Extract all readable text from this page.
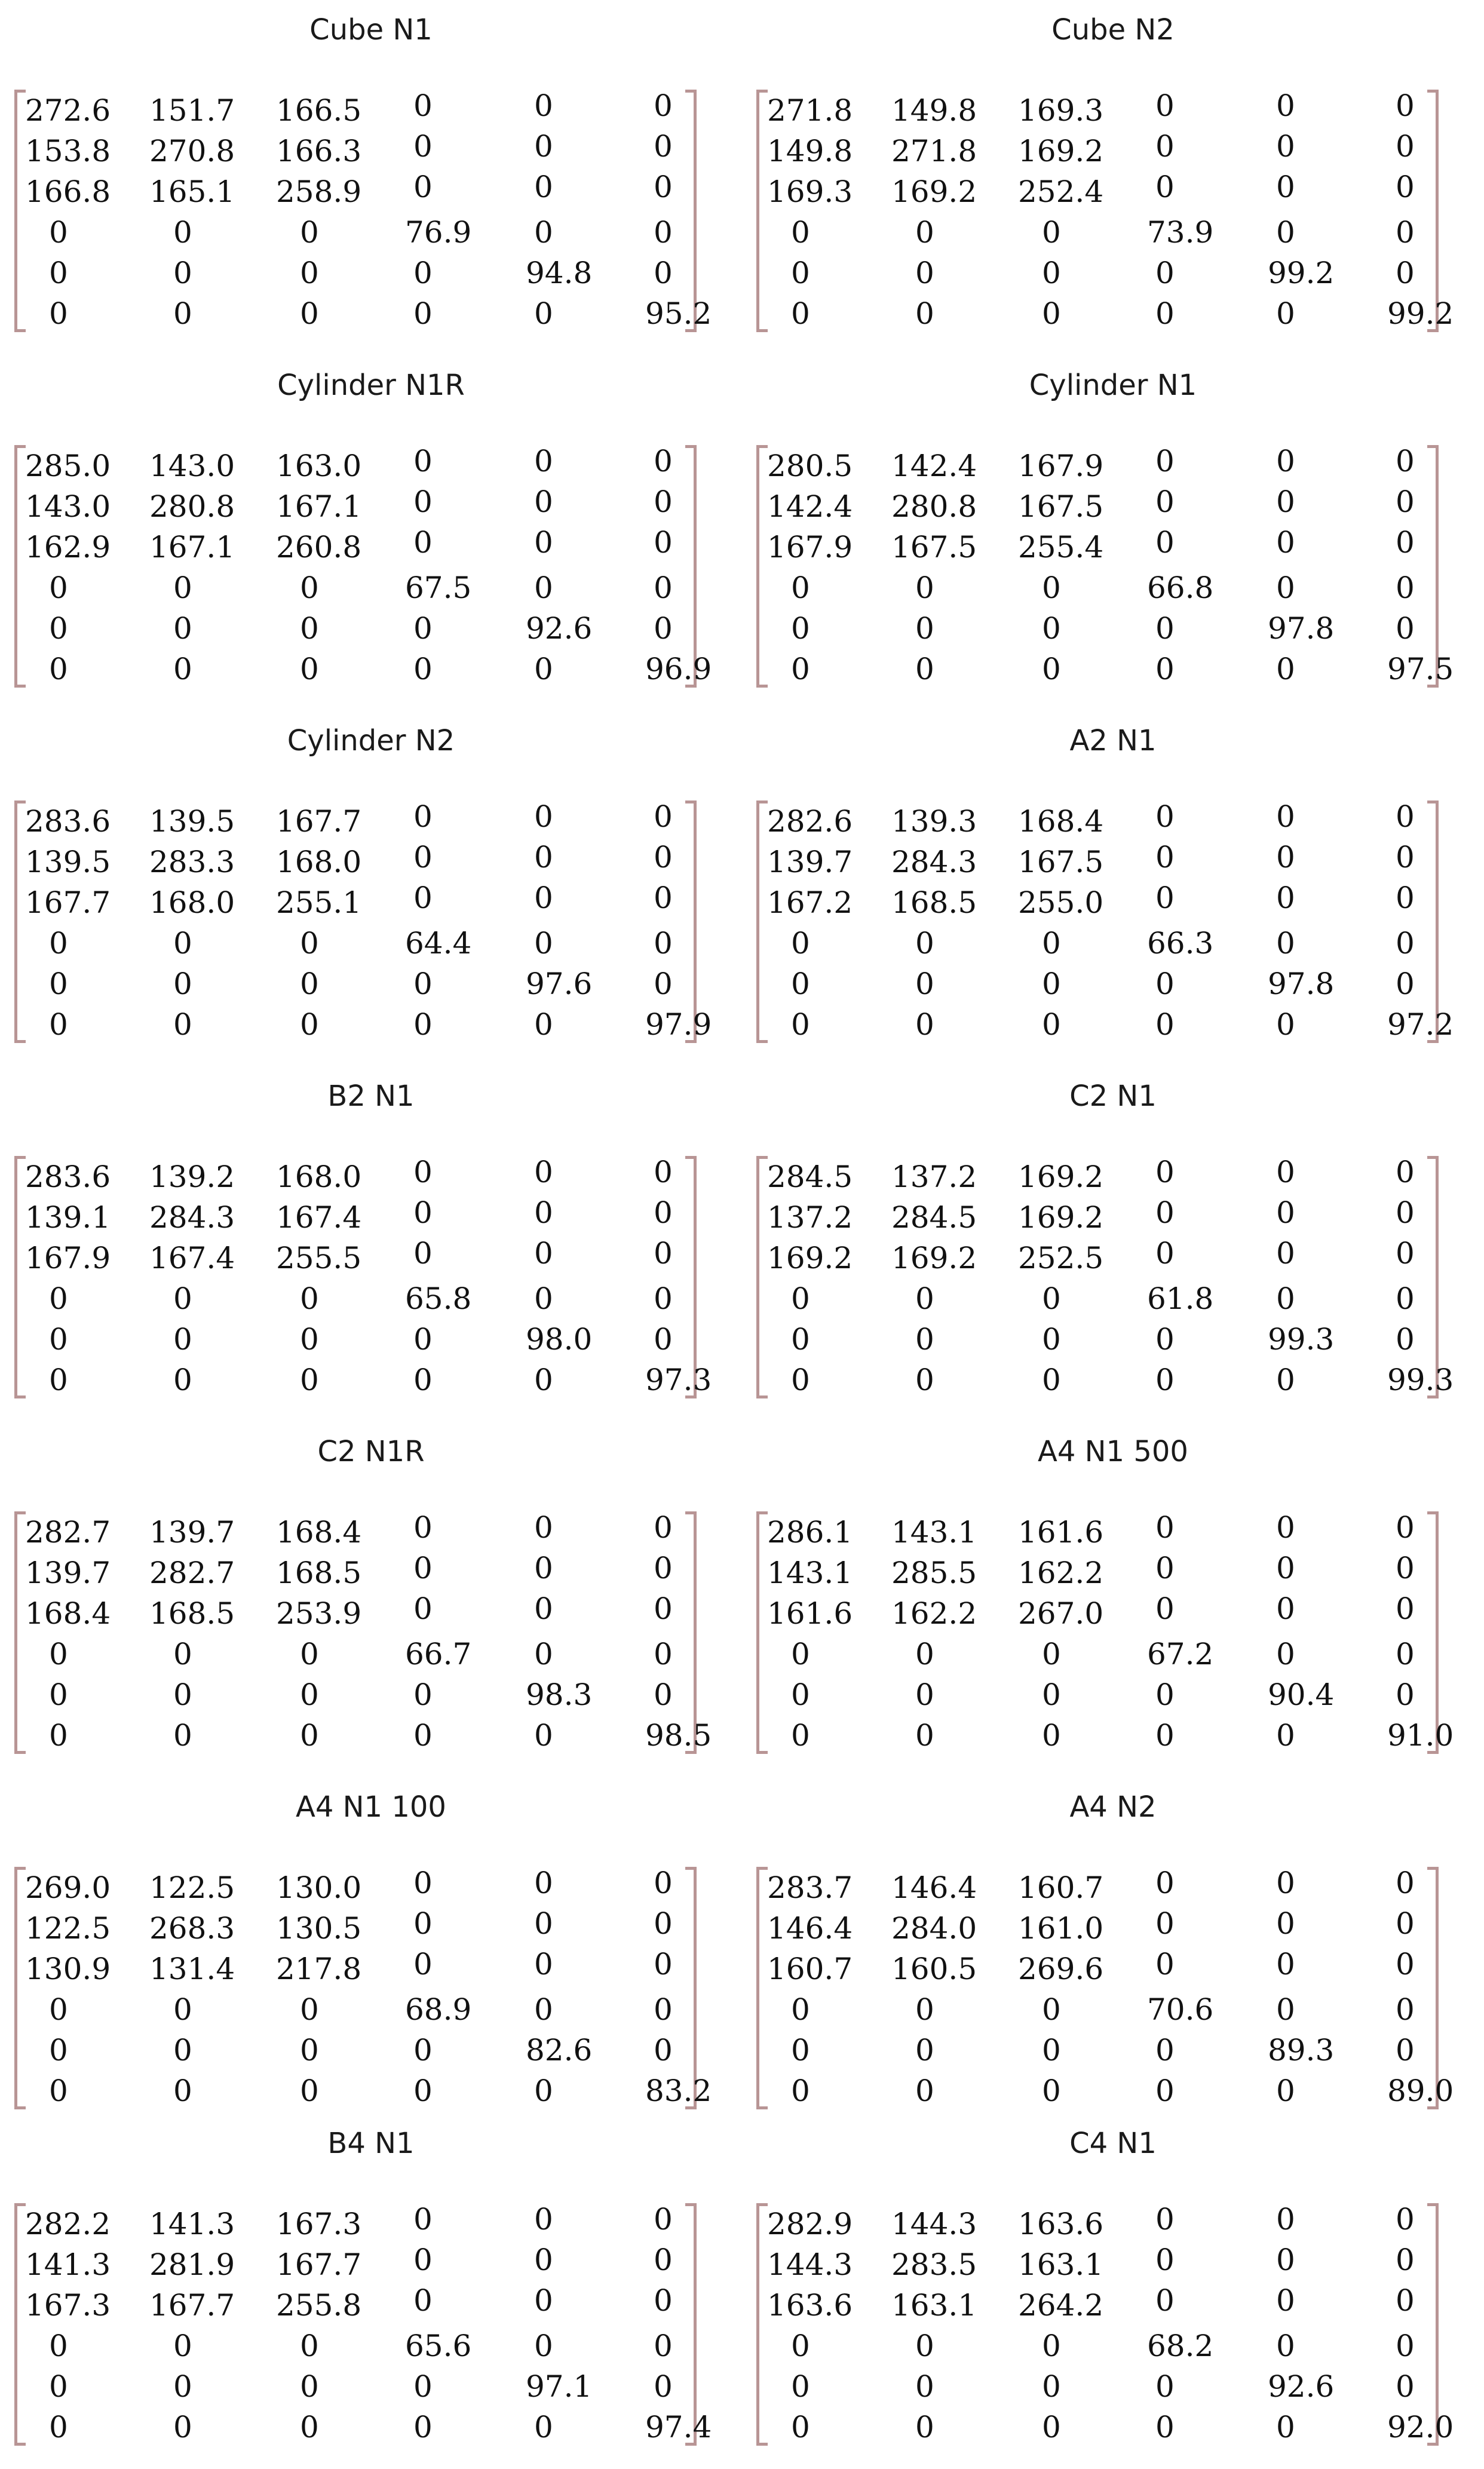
Cube N1
272.6 151.7 166.5 0	0	0
153.8 270.8 166.3 0	0	0
166.8 165.1 258.9 0	0	0
0	0	0	76.9 0	0
0	0	0	0	94.8 0
0	0	0	0	0	95.2
Cube N2
271.8 149.8 169.3 0	0	0
149.8 271.8 169.2 0	0	0
169.3 169.2 252.4 0	0	0
0	0	0	73.9 0	0
0	0	0	0	99.2 0
0	0	0	0	0	99.2
Cylinder N1R
285.0 143.0 163.0 0	0	0
143.0 280.8 167.1 0	0	0
162.9 167.1 260.8 0	0	0
0	0	0	67.5 0	0
0	0	0	0	92.6 0
0	0	0	0	0	96.9
Cylinder N1
280.5 142.4 167.9 0	0	0
142.4 280.8 167.5 0	0	0
167.9 167.5 255.4 0	0	0
0	0	0	66.8 0	0
0	0	0	0	97.8 0
0	0	0	0	0	97.5
Cylinder N2
283.6 139.5 167.7 0	0	0
139.5 283.3 168.0 0	0	0
167.7 168.0 255.1 0	0	0
0	0	0	64.4 0	0
0	0	0	0	97.6 0
0	0	0	0	0	97.9
A2 N1
282.6 139.3 168.4 0	0	0
139.7 284.3 167.5 0	0	0
167.2 168.5 255.0 0	0	0
0	0	0	66.3 0	0
0	0	0	0	97.8 0
0	0	0	0	0	97.2
B2 N1
283.6 139.2 168.0 0	0	0
139.1 284.3 167.4 0	0	0
167.9 167.4 255.5 0	0	0
0	0	0	65.8 0	0
0	0	0	0	98.0 0
0	0	0	0	0	97.3
C2 N1
284.5 137.2 169.2 0	0	0
137.2 284.5 169.2 0	0	0
169.2 169.2 252.5 0	0	0
0	0	0	61.8 0	0
0	0	0	0	99.3 0
0	0	0	0	0	99.3
C2 N1R
282.7 139.7 168.4 0	0	0
139.7 282.7 168.5 0	0	0
168.4 168.5 253.9 0	0	0
0	0	0	66.7 0	0
0	0	0	0	98.3 0
0	0	0	0	0	98.5
A4 N1 500
286.1 143.1 161.6 0	0	0
143.1 285.5 162.2 0	0	0
161.6 162.2 267.0 0	0	0
0	0	0	67.2 0	0
0	0	0	0	90.4 0
0	0	0	0	0	91.0
A4 N1 100
269.0 122.5 130.0 0	0	0
122.5 268.3 130.5 0	0	0
130.9 131.4 217.8 0	0	0
0	0	0	68.9 0	0
0	0	0	0	82.6 0
0	0	0	0	0	83.2
A4 N2
283.7 146.4 160.7 0	0	0
146.4 284.0 161.0 0	0	0
160.7 160.5 269.6 0	0	0
0	0	0	70.6 0	0
0	0	0	0	89.3 0
0	0	0	0	0	89.0
B4 N1
282.2 141.3 167.3 0	0	0
141.3 281.9 167.7 0	0	0
167.3 167.7 255.8 0	0	0
0	0	0	65.6 0	0
0	0	0	0	97.1 0
0	0	0	0	0	97.4
C4 N1
282.9 144.3 163.6 0	0	0
144.3 283.5 163.1 0	0	0
163.6 163.1 264.2 0	0	0
0	0	0	68.2 0	0
0	0	0	0	92.6 0
0	0	0	0	0	92.0
